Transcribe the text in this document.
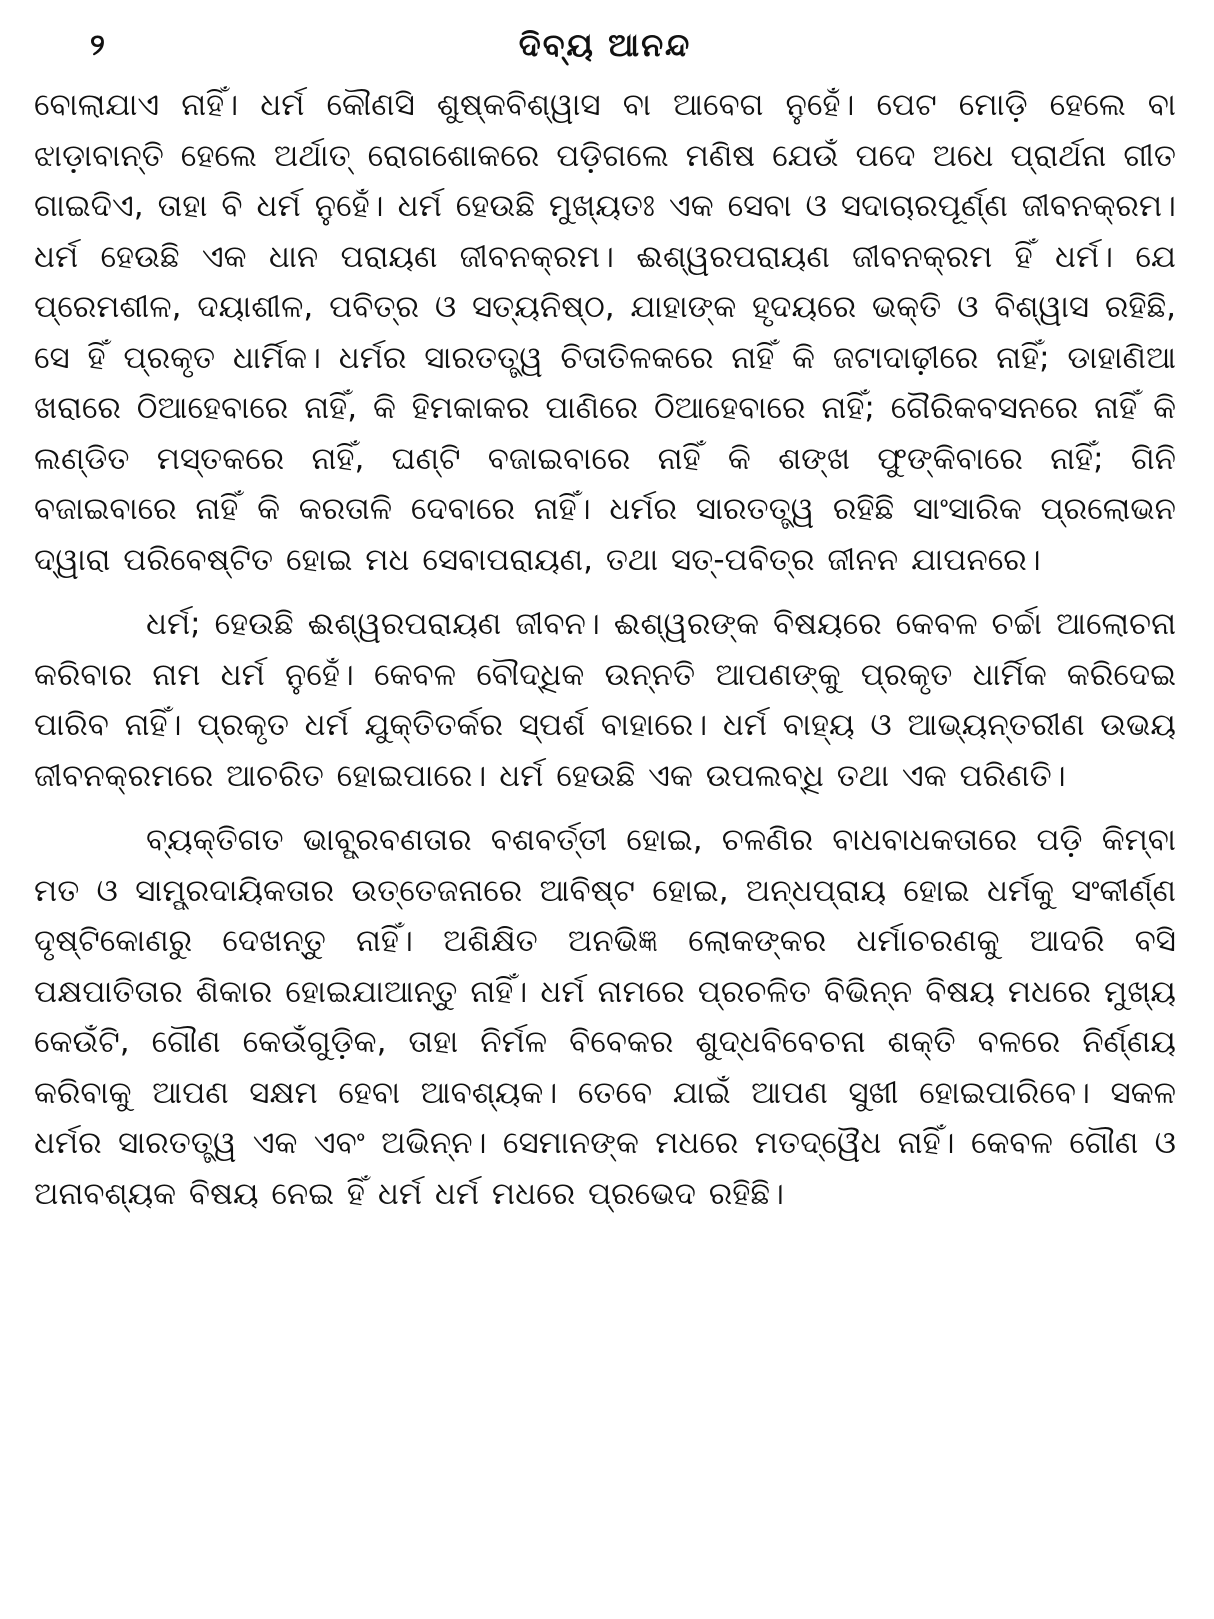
୨	ଦିବ୍ୟ ଆନନ୍ଦ

ବୋଲାଯାଏ ନାହିଁ। ଧର୍ମ କୌଣସି ଶୁଷ୍କବିଶ୍ୱାସ ବା ଆବେଗ ନୁହେଁ। ପେଟ ମୋଡ଼ି ହେଲେ ବା ଝାଡ଼ାବାନ୍ତି ହେଲେ ଅର୍ଥାତ୍ ରୋଗଶୋକରେ ପଡ଼ିଗଲେ ମଣିଷ ଯେଉଁ ପଦେ ଅଧେ ପ୍ରାର୍ଥନା ଗୀତ ଗାଇଦିଏ, ତାହା ବି ଧର୍ମ ନୁହେଁ। ଧର୍ମ ହେଉଛି ମୁଖ୍ୟତଃ ଏକ ସେବା ଓ ସଦାଚାରପୂର୍ଣ୍ଣ ଜୀବନକ୍ରମ। ଧର୍ମ ହେଉଛି ଏକ ଧାନ ପରାୟଣ ଜୀବନକ୍ରମ। ଈଶ୍ୱରପରାୟଣ ଜୀବନକ୍ରମ ହିଁ ଧର୍ମ। ଯେ ପ୍ରେମଶୀଳ, ଦୟାଶୀଳ, ପବିତ୍ର ଓ ସତ୍ୟନିଷ୍ଠ, ଯାହାଙ୍କ ହୃଦୟରେ ଭକ୍ତି ଓ ବିଶ୍ୱାସ ରହିଛି, ସେ ହିଁ ପ୍ରକୃତ ଧାର୍ମିକ। ଧର୍ମର ସାରତତ୍ତ୍ୱ ଚିତାତିଳକରେ ନାହିଁ କି ଜଟାଦାଢ଼ୀରେ ନାହିଁ; ଡାହାଣିଆ ଖରାରେ ଠିଆହେବାରେ ନାହିଁ, କି ହିମକାକର ପାଣିରେ ଠିଆହେବାରେ ନାହିଁ; ଗୈରିକବସନରେ ନାହିଁ କି ଲଣ୍ଡିତ ମସ୍ତକରେ ନାହିଁ, ଘଣ୍ଟି ବଜାଇବାରେ ନାହିଁ କି ଶଙ୍ଖ ଫୁଙ୍କିବାରେ ନାହିଁ; ଗିନି ବଜାଇବାରେ ନାହିଁ କି କରତାଳି ଦେବାରେ ନାହିଁ। ଧର୍ମର ସାରତତ୍ତ୍ୱ ରହିଛି ସାଂସାରିକ ପ୍ରଲୋଭନ ଦ୍ୱାରା ପରିବେଷ୍ଟିତ ହୋଇ ମଧ ସେବାପରାୟଣ, ତଥା ସତ୍-ପବିତ୍ର ଜୀନନ ଯାପନରେ।

ଧର୍ମ; ହେଉଛି ଈଶ୍ୱରପରାୟଣ ଜୀବନ। ଈଶ୍ୱରଙ୍କ ବିଷୟରେ କେବଳ ଚର୍ଚ୍ଚା ଆଲୋଚନା କରିବାର ନାମ ଧର୍ମ ନୁହେଁ। କେବଳ ବୌଦ୍ଧିକ ଉନ୍ନତି ଆପଣଙ୍କୁ ପ୍ରକୃତ ଧାର୍ମିକ କରିଦେଇ ପାରିବ ନାହିଁ। ପ୍ରକୃତ ଧର୍ମ ଯୁକ୍ତିତର୍କର ସ୍ପର୍ଶ ବାହାରେ। ଧର୍ମ ବାହ୍ୟ ଓ ଆଭ୍ୟନ୍ତରୀଣ ଉଭୟ ଜୀବନକ୍ରମରେ ଆଚରିତ ହୋଇପାରେ। ଧର୍ମ ହେଉଛି ଏକ ଉପଲବ୍ଧି ତଥା ଏକ ପରିଣତି।

ବ୍ୟକ୍ତିଗତ ଭାବ୍ପ୍ରବଣତାର ବଶବର୍ତ୍ତୀ ହୋଇ, ଚଳଣିର ବାଧବାଧକତାରେ ପଡ଼ି କିମ୍ବା ମତ ଓ ସାମ୍ପ୍ରଦାୟିକତାର ଉତ୍ତେଜନାରେ ଆବିଷ୍ଟ ହୋଇ, ଅନ୍ଧପ୍ରାୟ ହୋଇ ଧର୍ମକୁ ସଂକୀର୍ଣ୍ଣ ଦୃଷ୍ଟିକୋଣରୁ ଦେଖନ୍ତୁ ନାହିଁ। ଅଶିକ୍ଷିତ ଅନଭିଜ୍ଞ ଲୋକଙ୍କର ଧର୍ମାଚରଣକୁ ଆଦରି ବସି ପକ୍ଷପାତିତାର ଶିକାର ହୋଇଯାଆନ୍ତୁ ନାହିଁ। ଧର୍ମ ନାମରେ ପ୍ରଚଳିତ ବିଭିନ୍ନ ବିଷୟ ମଧରେ ମୁଖ୍ୟ କେଉଁଟି, ଗୌଣ କେଉଁଗୁଡ଼ିକ, ତାହା ନିର୍ମଳ ବିବେକର ଶୁଦ୍ଧବିବେଚନା ଶକ୍ତି ବଳରେ ନିର୍ଣ୍ଣୟ କରିବାକୁ ଆପଣ ସକ୍ଷମ ହେବା ଆବଶ୍ୟକ। ତେବେ ଯାଇଁ ଆପଣ ସୁଖୀ ହୋଇପାରିବେ। ସକଳ ଧର୍ମର ସାରତତ୍ତ୍ୱ ଏକ ଏବଂ ଅଭିନ୍ନ। ସେମାନଙ୍କ ମଧରେ ମତଦ୍ୱୈଧ ନାହିଁ। କେବଳ ଗୌଣ ଓ ଅନାବଶ୍ୟକ ବିଷୟ ନେଇ ହିଁ ଧର୍ମ ଧର୍ମ ମଧରେ ପ୍ରଭେଦ ରହିଛି।
